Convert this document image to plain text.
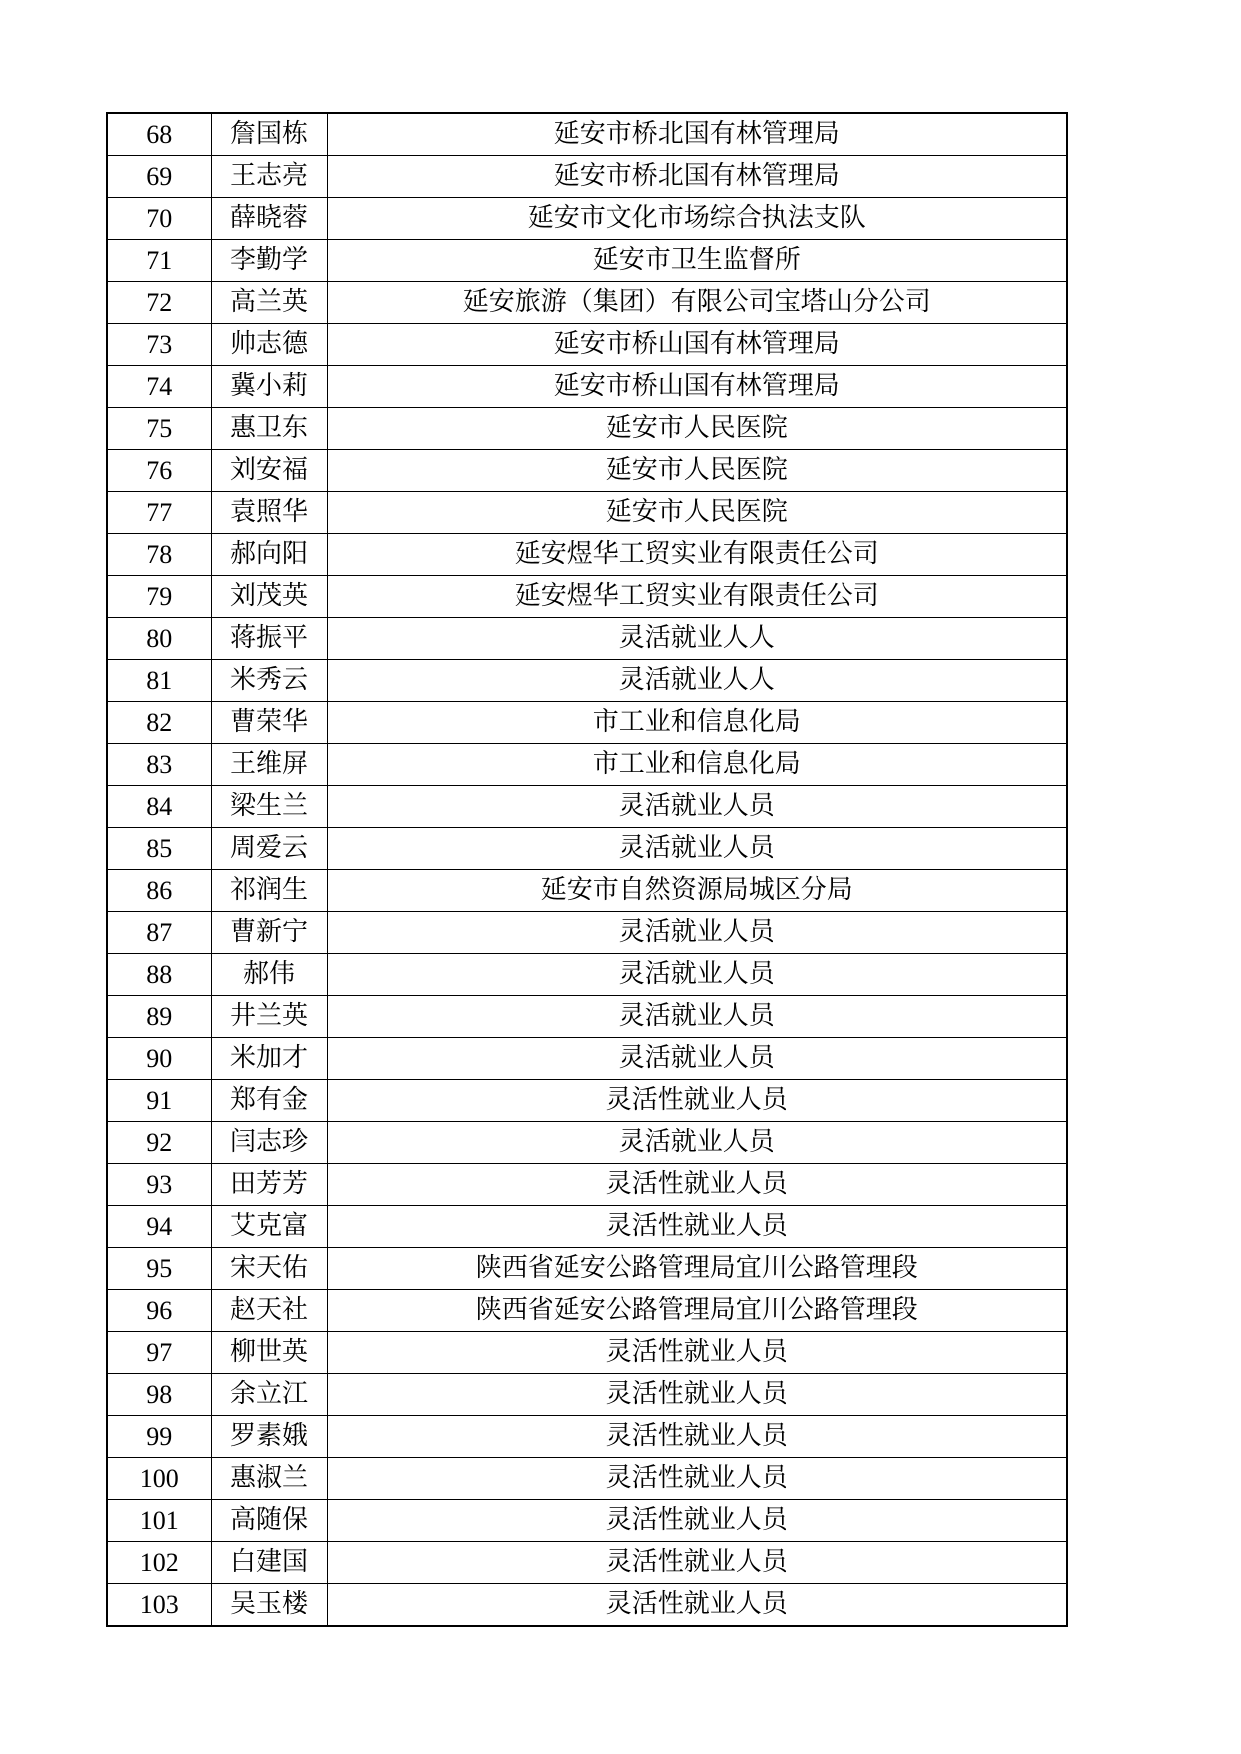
68	詹国栋	延安市桥北国有林管理局
69	王志亮	延安市桥北国有林管理局
70	薛晓蓉	延安市文化市场综合执法支队
71	李勤学	延安市卫生监督所
72	高兰英	延安旅游（集团）有限公司宝塔山分公司
73	帅志德	延安市桥山国有林管理局
74	冀小莉	延安市桥山国有林管理局
75	惠卫东	延安市人民医院
76	刘安福	延安市人民医院
77	袁照华	延安市人民医院
78	郝向阳	延安煜华工贸实业有限责任公司
79	刘茂英	延安煜华工贸实业有限责任公司
80	蒋振平	灵活就业人人
81	米秀云	灵活就业人人
82	曹荣华	市工业和信息化局
83	王维屏	市工业和信息化局
84	梁生兰	灵活就业人员
85	周爱云	灵活就业人员
86	祁润生	延安市自然资源局城区分局
87	曹新宁	灵活就业人员
88	郝伟	灵活就业人员
89	井兰英	灵活就业人员
90	米加才	灵活就业人员
91	郑有金	灵活性就业人员
92	闫志珍	灵活就业人员
93	田芳芳	灵活性就业人员
94	艾克富	灵活性就业人员
95	宋天佑	陕西省延安公路管理局宜川公路管理段
96	赵天社	陕西省延安公路管理局宜川公路管理段
97	柳世英	灵活性就业人员
98	余立江	灵活性就业人员
99	罗素娥	灵活性就业人员
100	惠淑兰	灵活性就业人员
101	高随保	灵活性就业人员
102	白建国	灵活性就业人员
103	吴玉楼	灵活性就业人员
